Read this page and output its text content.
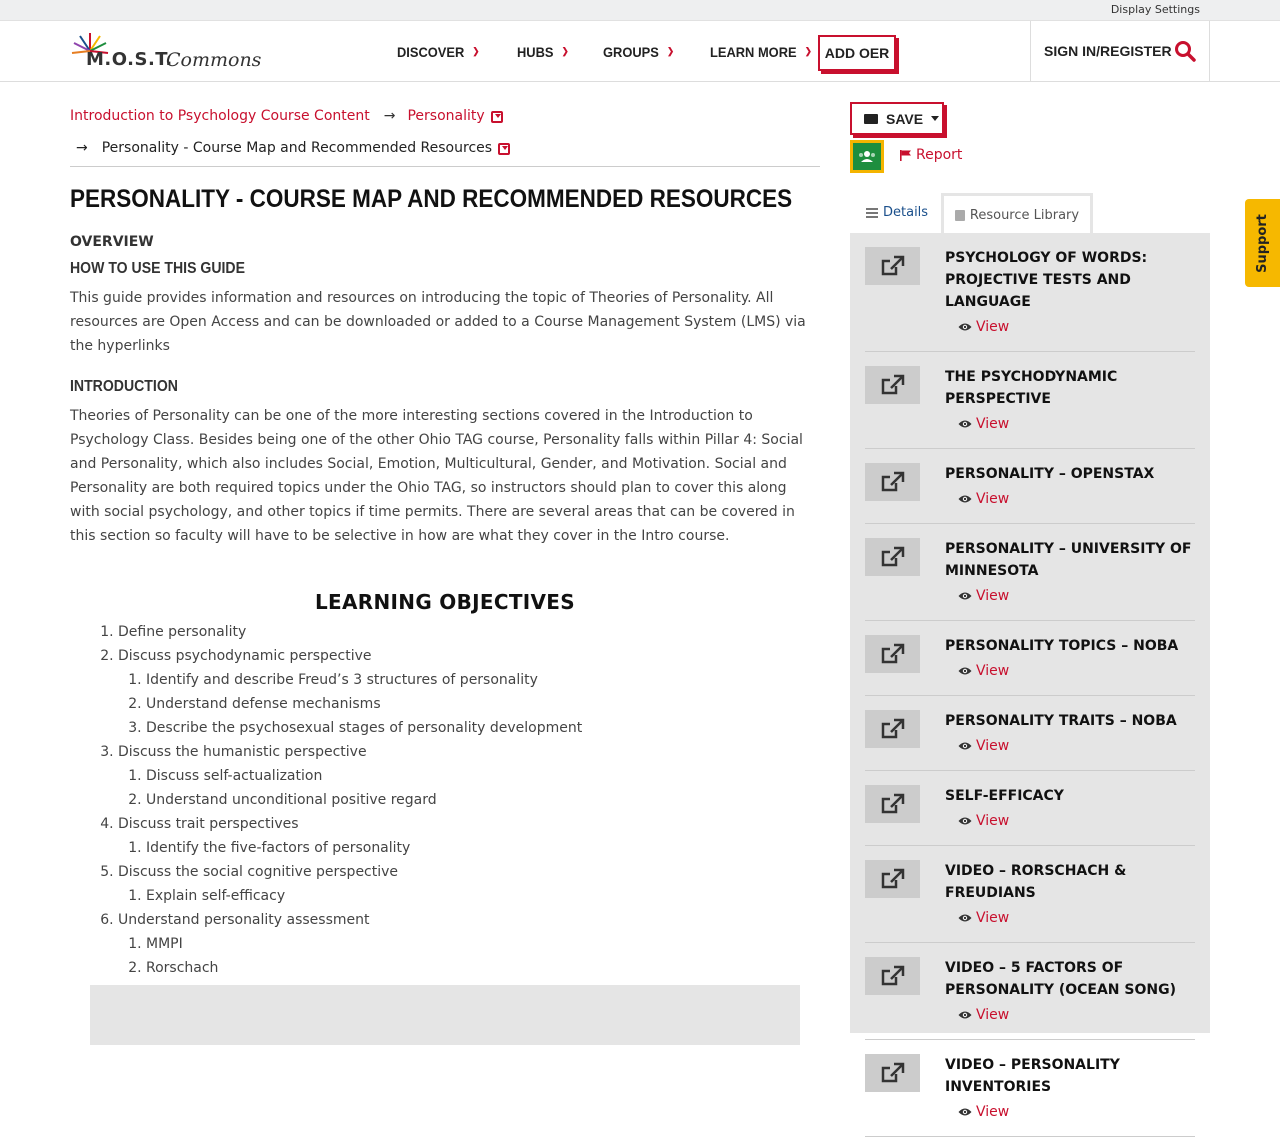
Display Settings
M.O.S.T.
Commons	DISCOVER ❯	HUBS ❯ GROUPS ❯	LEARN MORE ❯ ADD OER	SIGN IN/REGISTER
Introduction to Psychology Course Content → Personality
→ Personality - Course Map and Recommended Resources
PERSONALITY - COURSE MAP AND RECOMMENDED RESOURCES
OVERVIEW
HOW TO USE THIS GUIDE

This guide provides information and resources on introducing the topic of Theories of Personality. All resources are Open Access and can be downloaded or added to a Course Management System (LMS) via the hyperlinks

INTRODUCTION

Theories of Personality can be one of the more interesting sections covered in the Introduction to Psychology Class. Besides being one of the other Ohio TAG course, Personality falls within Pillar 4: Social and Personality, which also includes Social, Emotion, Multicultural, Gender, and Motivation. Social and Personality are both required topics under the Ohio TAG, so instructors should plan to cover this along with social psychology, and other topics if time permits. There are several areas that can be covered in this section so faculty will have to be selective in how are what they cover in the Intro course.

LEARNING OBJECTIVES
1. Define personality
2. Discuss psychodynamic perspective
1. Identify and describe Freud’s 3 structures of personality
2. Understand defense mechanisms
3. Describe the psychosexual stages of personality development
3. Discuss the humanistic perspective
1. Discuss self-actualization
2. Understand unconditional positive regard
4. Discuss trait perspectives
1. Identify the five-factors of personality
5. Discuss the social cognitive perspective
1. Explain self-efficacy
6. Understand personality assessment
1. MMPI
2. Rorschach
SAVE
Report
Details	Resource Library
PSYCHOLOGY OF WORDS: PROJECTIVE TESTS AND LANGUAGE
View
THE PSYCHODYNAMIC PERSPECTIVE
View
PERSONALITY – OPENSTAX
View
PERSONALITY – UNIVERSITY OF MINNESOTA
View
PERSONALITY TOPICS – NOBA
View
PERSONALITY TRAITS – NOBA
View
SELF-EFFICACY
View
VIDEO – RORSCHACH & FREUDIANS
View
VIDEO – 5 FACTORS OF PERSONALITY (OCEAN SONG)
View
VIDEO – PERSONALITY INVENTORIES
View
Support
